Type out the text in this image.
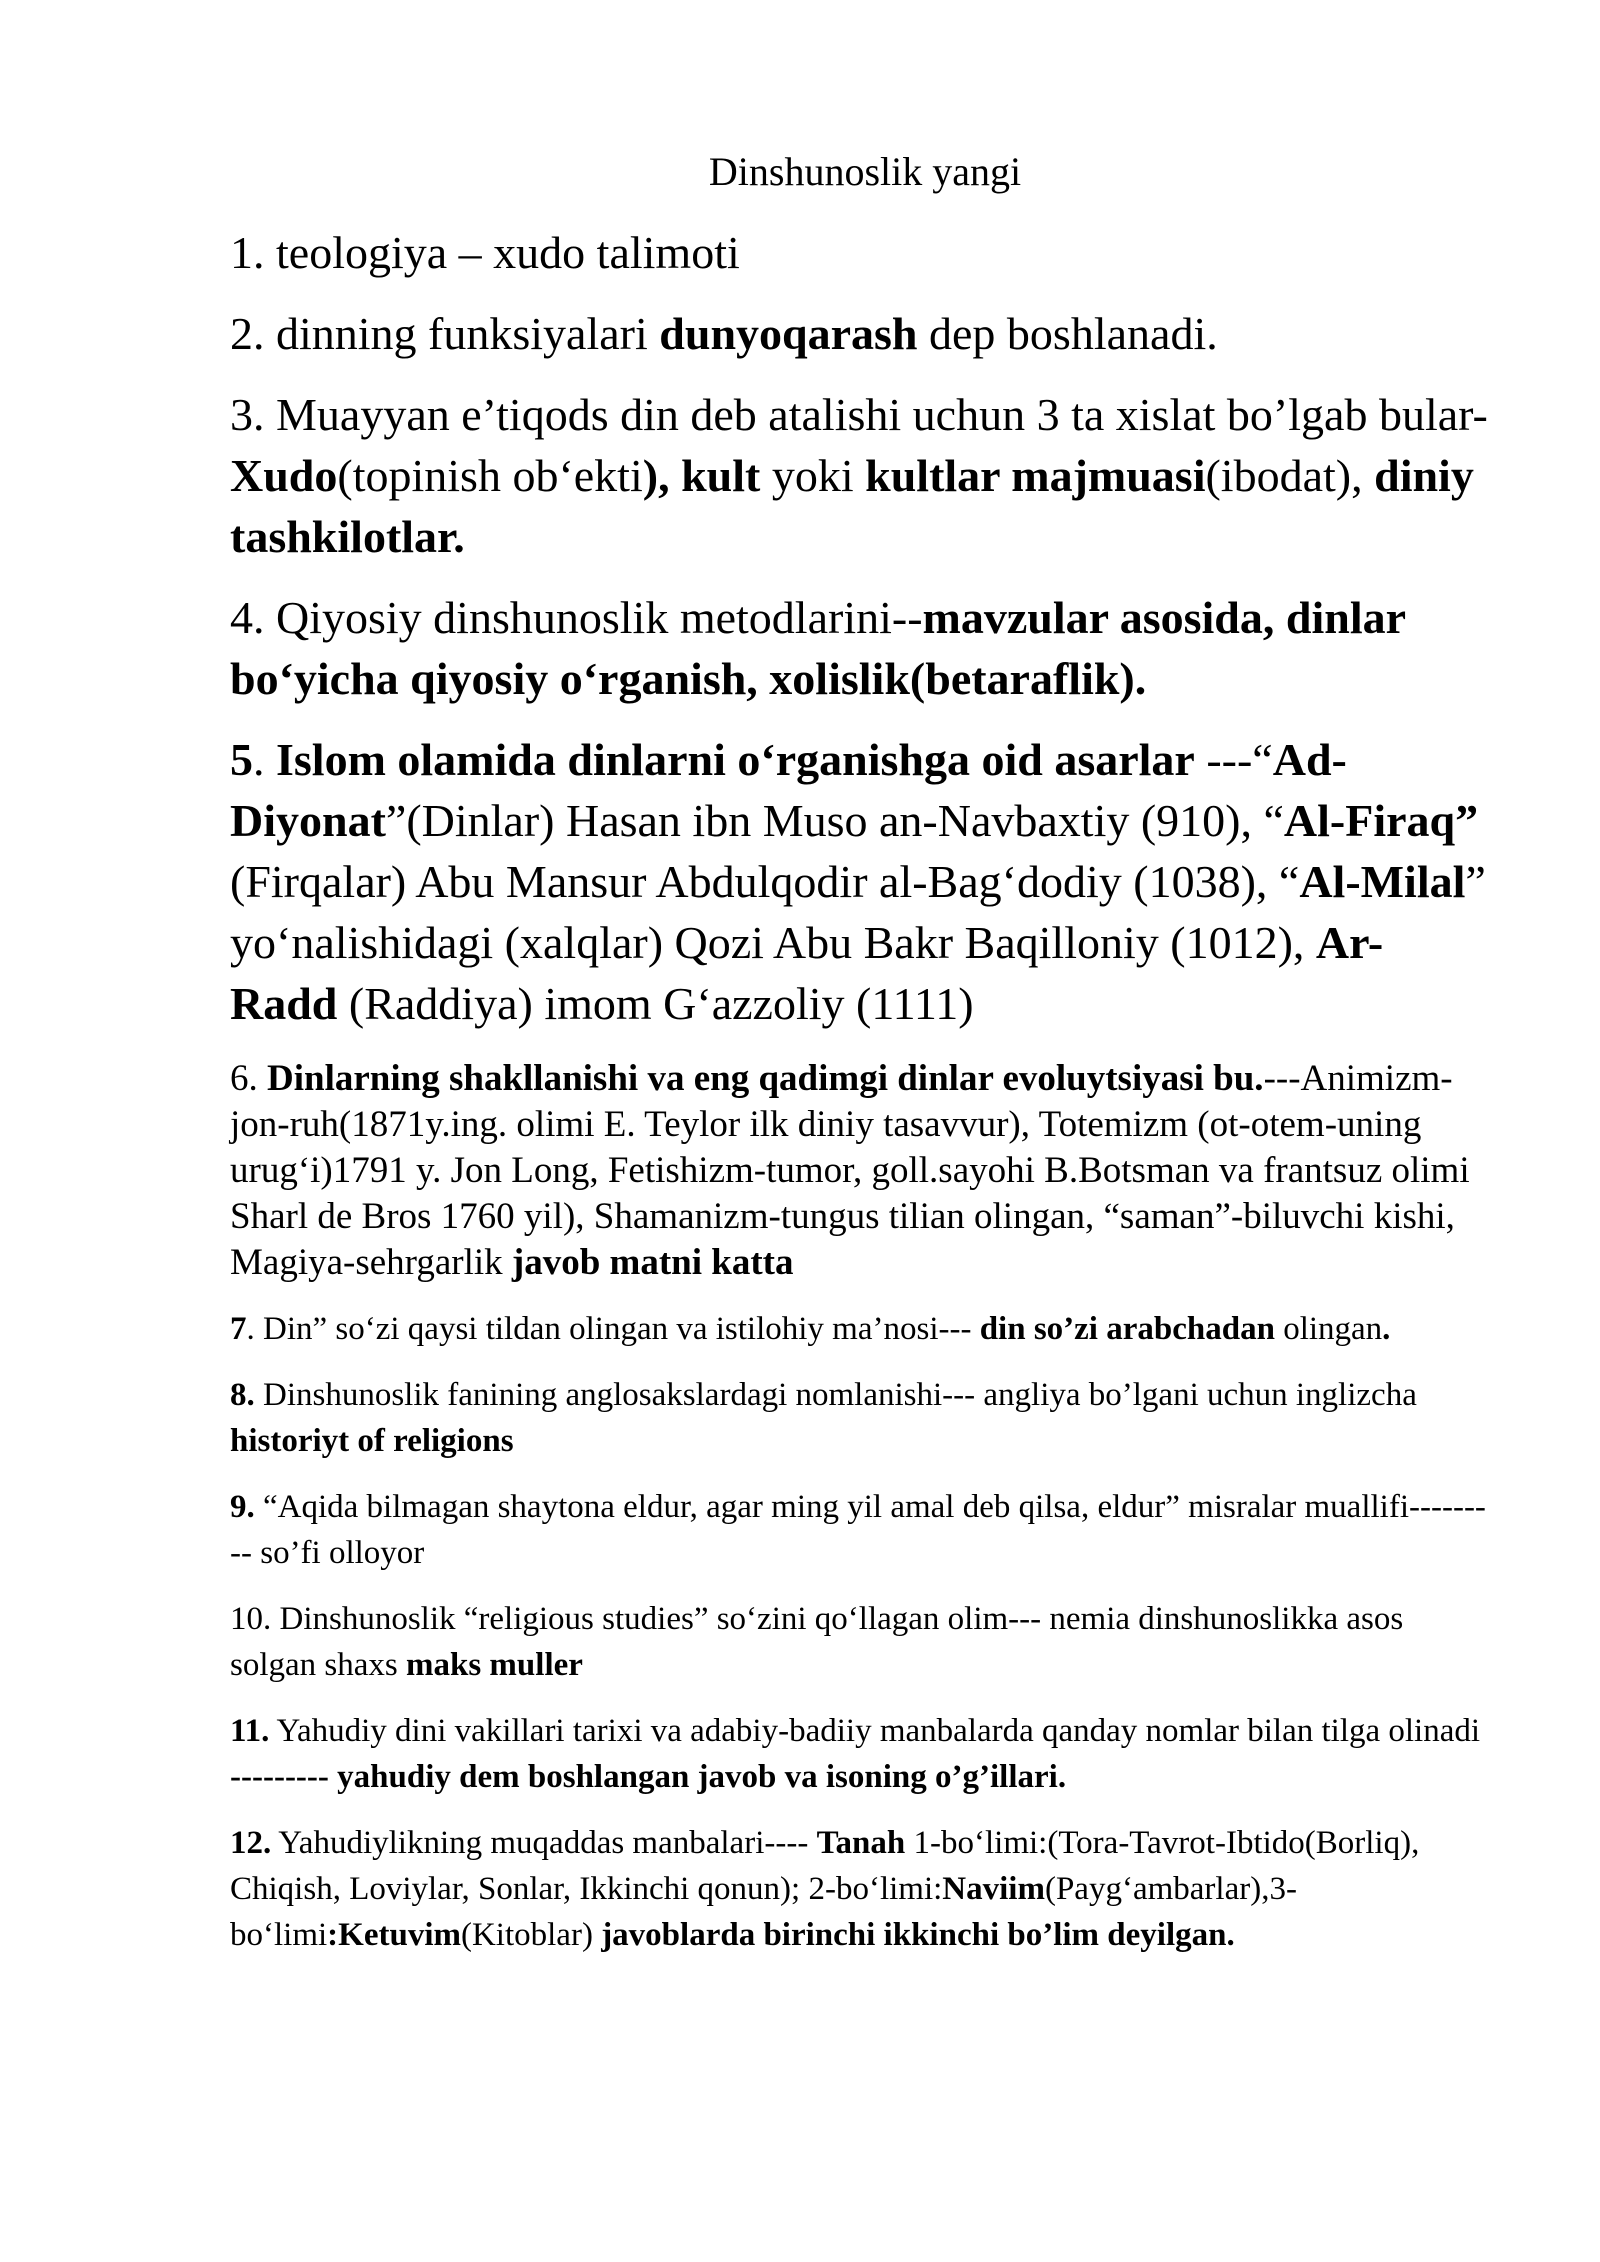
Dinshunoslik yangi

1. teologiya – xudo talimoti

2. dinning funksiyalari dunyoqarash dep boshlanadi.

3. Muayyan e’tiqods din deb atalishi uchun 3 ta xislat bo’lgab bular-Xudo(topinish ob‘ekti), kult yoki kultlar majmuasi(ibodat), diniy tashkilotlar.

4. Qiyosiy dinshunoslik metodlarini--mavzular asosida, dinlar bo‘yicha qiyosiy o‘rganish, xolislik(betaraflik).

5. Islom olamida dinlarni o‘rganishga oid asarlar ---“Ad-Diyonat”(Dinlar) Hasan ibn Muso an-Navbaxtiy (910), “Al-Firaq” (Firqalar) Abu Mansur Abdulqodir al-Bag‘dodiy (1038), “Al-Milal” yo‘nalishidagi (xalqlar) Qozi Abu Bakr Baqilloniy (1012), Ar-Radd (Raddiya) imom G‘azzoliy (1111)

6. Dinlarning shakllanishi va eng qadimgi dinlar evoluytsiyasi bu.---Animizm-jon-ruh(1871y.ing. olimi E. Teylor ilk diniy tasavvur), Totemizm (ot-otem-uning urug‘i)1791 y. Jon Long, Fetishizm-tumor, goll.sayohi B.Botsman va frantsuz olimi Sharl de Bros 1760 yil), Shamanizm-tungus tilian olingan, “saman”-biluvchi kishi, Magiya-sehrgarlik javob matni katta

7. Din” so‘zi qaysi tildan olingan va istilohiy ma’nosi--- din so’zi arabchadan olingan.

8. Dinshunoslik fanining anglosakslardagi nomlanishi--- angliya bo’lgani uchun inglizcha historiyt of religions

9. “Aqida bilmagan shaytona eldur, agar ming yil amal deb qilsa, eldur” misralar muallifi--------- so’fi olloyor

10. Dinshunoslik “religious studies” so‘zini qo‘llagan olim--- nemia dinshunoslikka asos solgan shaxs maks muller

11. Yahudiy dini vakillari tarixi va adabiy-badiiy manbalarda qanday nomlar bilan tilga olinadi --------- yahudiy dem boshlangan javob va isoning o’g’illari.

12. Yahudiylikning muqaddas manbalari---- Tanah 1-bo‘limi:(Tora-Tavrot-Ibtido(Borliq), Chiqish, Loviylar, Sonlar, Ikkinchi qonun); 2-bo‘limi:Naviim(Payg‘ambarlar),3- bo‘limi:Ketuvim(Kitoblar) javoblarda birinchi ikkinchi bo’lim deyilgan.
